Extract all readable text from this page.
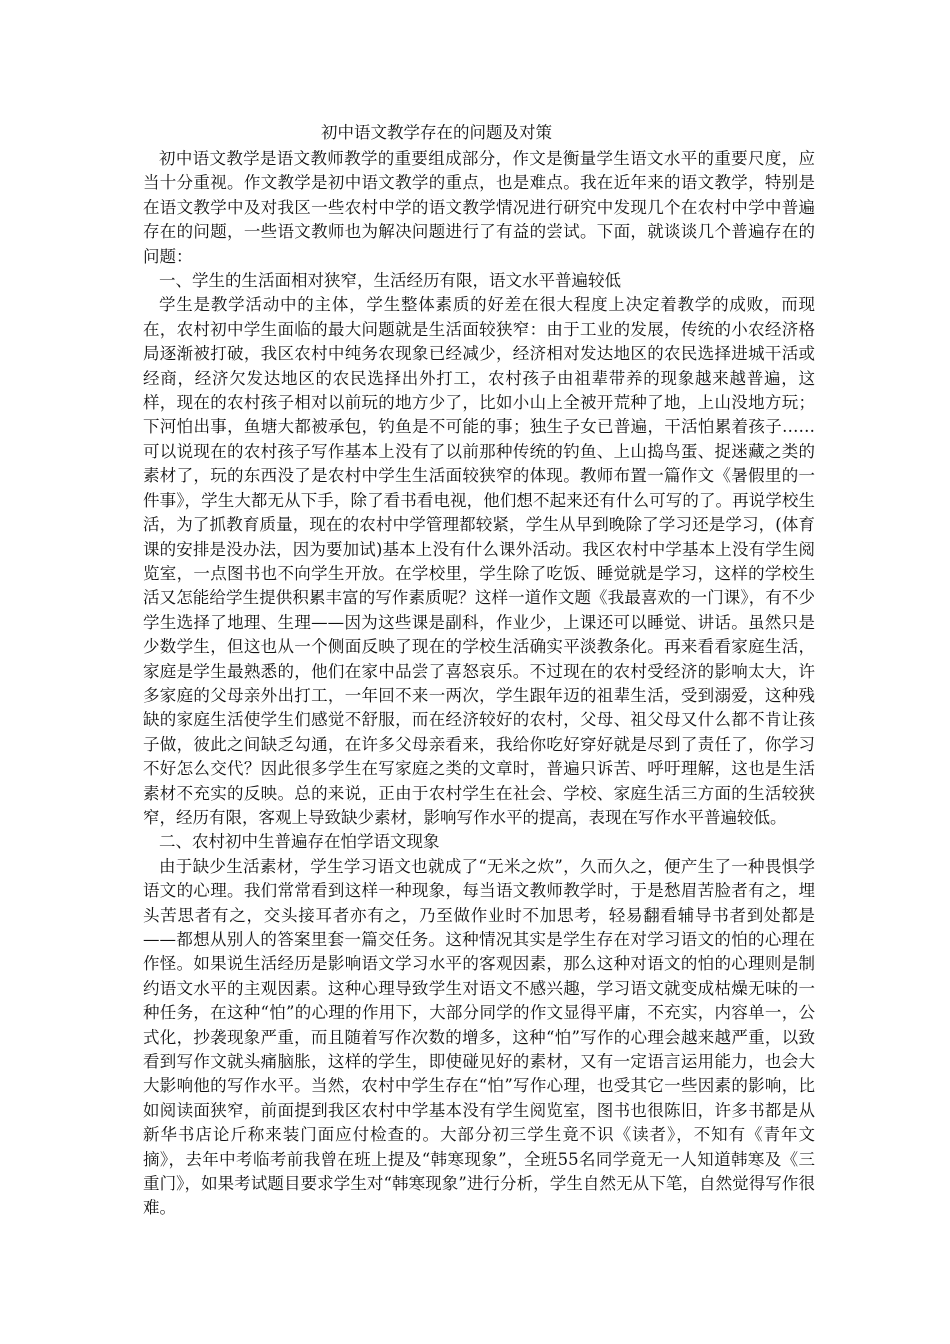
初中语文教学存在的问题及对策

初中语文教学是语文教师教学的重要组成部分，作文是衡量学生语文水平的重要尺度，应当十分重视。作文教学是初中语文教学的重点，也是难点。我在近年来的语文教学，特别是在语文教学中及对我区一些农村中学的语文教学情况进行研究中发现几个在农村中学中普遍存在的问题，一些语文教师也为解决问题进行了有益的尝试。下面，就谈谈几个普遍存在的问题：

一、学生的生活面相对狭窄，生活经历有限，语文水平普遍较低

学生是教学活动中的主体，学生整体素质的好差在很大程度上决定着教学的成败，而现在，农村初中学生面临的最大问题就是生活面较狭窄：由于工业的发展，传统的小农经济格局逐渐被打破，我区农村中纯务农现象已经减少，经济相对发达地区的农民选择进城干活或经商，经济欠发达地区的农民选择出外打工，农村孩子由祖辈带养的现象越来越普遍，这样，现在的农村孩子相对以前玩的地方少了，比如小山上全被开荒种了地，上山没地方玩；下河怕出事，鱼塘大都被承包，钓鱼是不可能的事；独生子女已普遍，干活怕累着孩子……可以说现在的农村孩子写作基本上没有了以前那种传统的钓鱼、上山捣鸟蛋、捉迷藏之类的素材了，玩的东西没了是农村中学生生活面较狭窄的体现。教师布置一篇作文《暑假里的一件事》，学生大都无从下手，除了看书看电视，他们想不起来还有什么可写的了。再说学校生活，为了抓教育质量，现在的农村中学管理都较紧，学生从早到晚除了学习还是学习，(体育课的安排是没办法，因为要加试)基本上没有什么课外活动。我区农村中学基本上没有学生阅览室，一点图书也不向学生开放。在学校里，学生除了吃饭、睡觉就是学习，这样的学校生活又怎能给学生提供积累丰富的写作素质呢？这样一道作文题《我最喜欢的一门课》，有不少学生选择了地理、生理——因为这些课是副科，作业少，上课还可以睡觉、讲话。虽然只是少数学生，但这也从一个侧面反映了现在的学校生活确实平淡教条化。再来看看家庭生活，家庭是学生最熟悉的，他们在家中品尝了喜怒哀乐。不过现在的农村受经济的影响太大，许多家庭的父母亲外出打工，一年回不来一两次，学生跟年迈的祖辈生活，受到溺爱，这种残缺的家庭生活使学生们感觉不舒服，而在经济较好的农村，父母、祖父母又什么都不肯让孩子做，彼此之间缺乏勾通，在许多父母亲看来，我给你吃好穿好就是尽到了责任了，你学习不好怎么交代？因此很多学生在写家庭之类的文章时，普遍只诉苦、呼吁理解，这也是生活素材不充实的反映。总的来说，正由于农村学生在社会、学校、家庭生活三方面的生活较狭窄，经历有限，客观上导致缺少素材，影响写作水平的提高，表现在写作水平普遍较低。

二、农村初中生普遍存在怕学语文现象

由于缺少生活素材，学生学习语文也就成了“无米之炊”，久而久之，便产生了一种畏惧学语文的心理。我们常常看到这样一种现象，每当语文教师教学时，于是愁眉苦脸者有之，埋头苦思者有之，交头接耳者亦有之，乃至做作业时不加思考，轻易翻看辅导书者到处都是——都想从别人的答案里套一篇交任务。这种情况其实是学生存在对学习语文的怕的心理在作怪。如果说生活经历是影响语文学习水平的客观因素，那么这种对语文的怕的心理则是制约语文水平的主观因素。这种心理导致学生对语文不感兴趣，学习语文就变成枯燥无味的一种任务，在这种“怕”的心理的作用下，大部分同学的作文显得平庸，不充实，内容单一，公式化，抄袭现象严重，而且随着写作次数的增多，这种“怕”写作的心理会越来越严重，以致看到写作文就头痛脑胀，这样的学生，即使碰见好的素材，又有一定语言运用能力，也会大大影响他的写作水平。当然，农村中学生存在“怕”写作心理，也受其它一些因素的影响，比如阅读面狭窄，前面提到我区农村中学基本没有学生阅览室，图书也很陈旧，许多书都是从新华书店论斤称来装门面应付检查的。大部分初三学生竟不识《读者》，不知有《青年文摘》，去年中考临考前我曾在班上提及“韩寒现象”，全班55名同学竟无一人知道韩寒及《三重门》，如果考试题目要求学生对“韩寒现象”进行分析，学生自然无从下笔，自然觉得写作很难。
